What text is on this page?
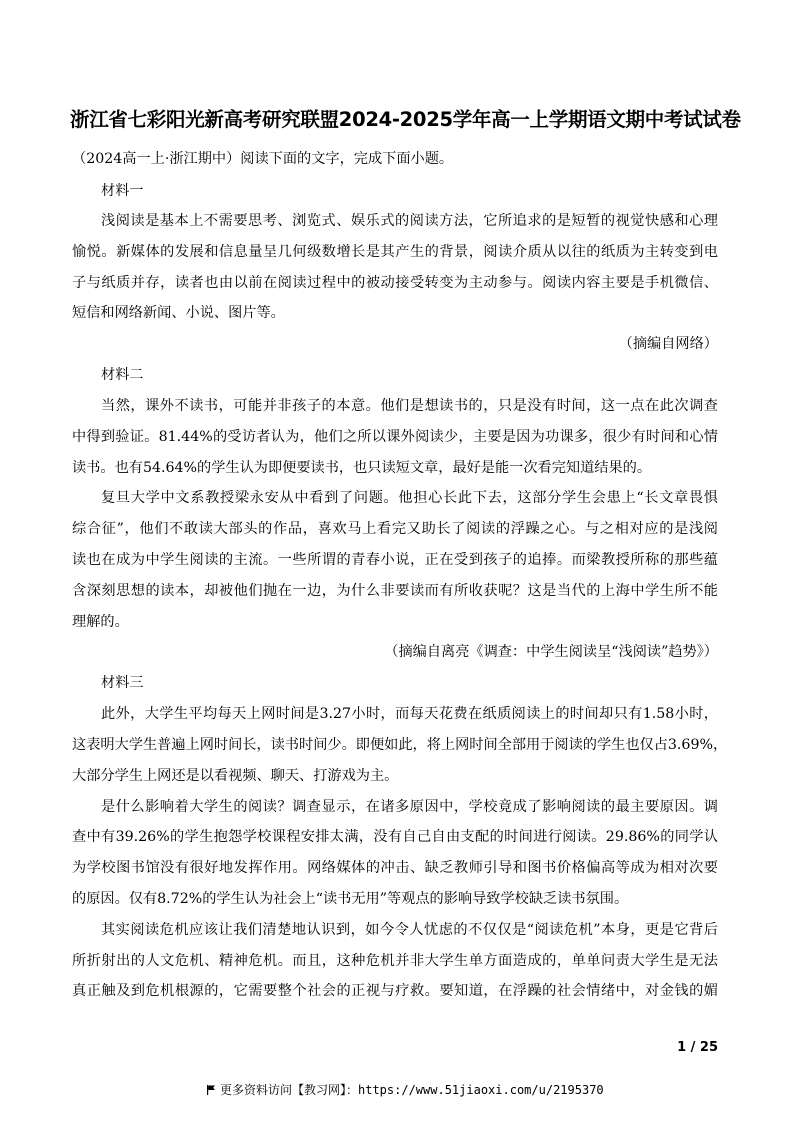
浙江省七彩阳光新高考研究联盟2024-2025学年高一上学期语文期中考试试卷
（2024高一上·浙江期中）阅读下面的文字，完成下面小题。
材料一
浅阅读是基本上不需要思考、浏览式、娱乐式的阅读方法，它所追求的是短暂的视觉快感和心理
愉悦。新媒体的发展和信息量呈几何级数增长是其产生的背景，阅读介质从以往的纸质为主转变到电
子与纸质并存，读者也由以前在阅读过程中的被动接受转变为主动参与。阅读内容主要是手机微信、
短信和网络新闻、小说、图片等。
（摘编自网络）
材料二
当然，课外不读书，可能并非孩子的本意。他们是想读书的，只是没有时间，这一点在此次调查
中得到验证。81.44%的受访者认为，他们之所以课外阅读少，主要是因为功课多，很少有时间和心情
读书。也有54.64%的学生认为即便要读书，也只读短文章，最好是能一次看完知道结果的。
复旦大学中文系教授梁永安从中看到了问题。他担心长此下去，这部分学生会患上“长文章畏惧
综合征”，他们不敢读大部头的作品，喜欢马上看完又助长了阅读的浮躁之心。与之相对应的是浅阅
读也在成为中学生阅读的主流。一些所谓的青春小说，正在受到孩子的追捧。而梁教授所称的那些蕴
含深刻思想的读本，却被他们抛在一边，为什么非要读而有所收获呢？这是当代的上海中学生所不能
理解的。
（摘编自离亮《调查：中学生阅读呈“浅阅读”趋势》）
材料三
此外，大学生平均每天上网时间是3.27小时，而每天花费在纸质阅读上的时间却只有1.58小时，
这表明大学生普遍上网时间长，读书时间少。即便如此，将上网时间全部用于阅读的学生也仅占3.69%，
大部分学生上网还是以看视频、聊天、打游戏为主。
是什么影响着大学生的阅读？调查显示，在诸多原因中，学校竟成了影响阅读的最主要原因。调
查中有39.26%的学生抱怨学校课程安排太满，没有自己自由支配的时间进行阅读。29.86%的同学认
为学校图书馆没有很好地发挥作用。网络媒体的冲击、缺乏教师引导和图书价格偏高等成为相对次要
的原因。仅有8.72%的学生认为社会上“读书无用”等观点的影响导致学校缺乏读书氛围。
其实阅读危机应该让我们清楚地认识到，如今令人忧虑的不仅仅是“阅读危机”本身，更是它背后
所折射出的人文危机、精神危机。而且，这种危机并非大学生单方面造成的，单单问责大学生是无法
真正触及到危机根源的，它需要整个社会的正视与疗救。要知道，在浮躁的社会情绪中，对金钱的媚
1 / 25
更多资料访问【教习网】：https://www.51jiaoxi.com/u/2195370
